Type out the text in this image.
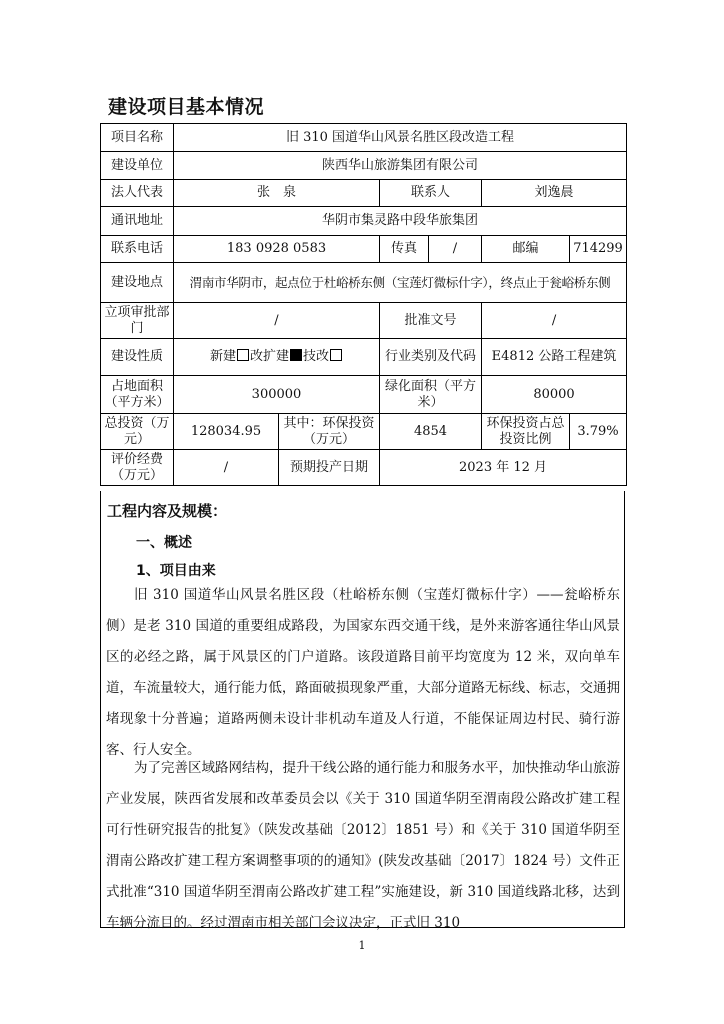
建设项目基本情况
项目名称	旧 310 国道华山风景名胜区段改造工程				
建设单位	陕西华山旅游集团有限公司				
法人代表	张　泉		联系人	刘逸晨	
通讯地址	华阴市集灵路中段华旅集团				
联系电话	183 0928 0583		传真 /	邮编	714299
建设地点	渭南市华阴市，起点位于杜峪桥东侧（宝莲灯微标什字），终点止于瓮峪桥东侧				
立项审批部门	/		批准文号	/	
建设性质	新建 改扩建 技改		行业类别及代码	E4812 公路工程建筑	
占地面积（平方米）	300000		绿化面积（平方米）	80000	
总投资（万元）	128034.95	其中：环保投资（万元）	4854	环保投资占总投资比例	3.79%
评价经费（万元）	/	预期投产日期	2023 年 12 月		
工程内容及规模：
一、概述
1、项目由来

旧 310 国道华山风景名胜区段（杜峪桥东侧（宝莲灯微标什字）——瓮峪桥东侧）是老 310 国道的重要组成路段，为国家东西交通干线，是外来游客通往华山风景区的必经之路，属于风景区的门户道路。该段道路目前平均宽度为 12 米，双向单车道，车流量较大，通行能力低，路面破损现象严重，大部分道路无标线、标志，交通拥堵现象十分普遍；道路两侧未设计非机动车道及人行道，不能保证周边村民、骑行游客、行人安全。

为了完善区域路网结构，提升干线公路的通行能力和服务水平，加快推动华山旅游产业发展，陕西省发展和改革委员会以《关于 310 国道华阴至渭南段公路改扩建工程可行性研究报告的批复》（陕发改基础〔2012〕1851 号）和《关于 310 国道华阴至渭南公路改扩建工程方案调整事项的的通知》(陕发改基础〔2017〕1824 号）文件正式批准“310 国道华阴至渭南公路改扩建工程”实施建设，新 310 国道线路北移，达到车辆分流目的。经过渭南市相关部门会议决定，正式旧 310

1
